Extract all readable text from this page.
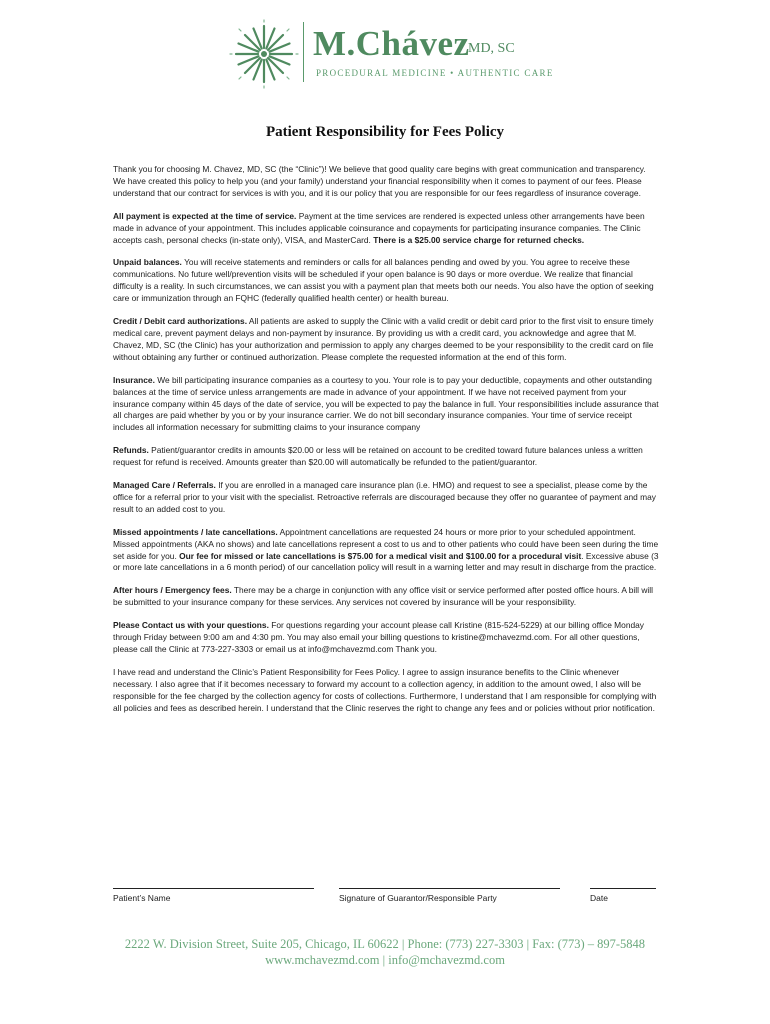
M.Chávez
MD, SC
PROCEDURAL MEDICINE • AUTHENTIC CARE
Patient Responsibility for Fees Policy

Thank you for choosing M. Chavez, MD, SC (the “Clinic”)! We believe that good quality care begins with great communication and transparency. We have created this policy to help you (and your family) understand your financial responsibility when it comes to payment of our fees. Please understand that our contract for services is with you, and it is our policy that you are responsible for our fees regardless of insurance coverage.

All payment is expected at the time of service. Payment at the time services are rendered is expected unless other arrangements have been made in advance of your appointment. This includes applicable coinsurance and copayments for participating insurance companies. The Clinic accepts cash, personal checks (in-state only), VISA, and MasterCard. There is a $25.00 service charge for returned checks.

Unpaid balances. You will receive statements and reminders or calls for all balances pending and owed by you. You agree to receive these communications. No future well/prevention visits will be scheduled if your open balance is 90 days or more overdue. We realize that financial difficulty is a reality. In such circumstances, we can assist you with a payment plan that meets both our needs. You also have the option of seeking care or immunization through an FQHC (federally qualified health center) or health bureau.

Credit / Debit card authorizations. All patients are asked to supply the Clinic with a valid credit or debit card prior to the first visit to ensure timely medical care, prevent payment delays and non-payment by insurance. By providing us with a credit card, you acknowledge and agree that M. Chavez, MD, SC (the Clinic) has your authorization and permission to apply any charges deemed to be your responsibility to the credit card on file without obtaining any further or continued authorization. Please complete the requested information at the end of this form.

Insurance. We bill participating insurance companies as a courtesy to you. Your role is to pay your deductible, copayments and other outstanding balances at the time of service unless arrangements are made in advance of your appointment. If we have not received payment from your insurance company within 45 days of the date of service, you will be expected to pay the balance in full. Your responsibilities include assurance that all charges are paid whether by you or by your insurance carrier. We do not bill secondary insurance companies. Your time of service receipt includes all information necessary for submitting claims to your insurance company

Refunds. Patient/guarantor credits in amounts $20.00 or less will be retained on account to be credited toward future balances unless a written request for refund is received. Amounts greater than $20.00 will automatically be refunded to the patient/guarantor.

Managed Care / Referrals. If you are enrolled in a managed care insurance plan (i.e. HMO) and request to see a specialist, please come by the office for a referral prior to your visit with the specialist. Retroactive referrals are discouraged because they offer no guarantee of payment and may result to an added cost to you.

Missed appointments / late cancellations. Appointment cancellations are requested 24 hours or more prior to your scheduled appointment. Missed appointments (AKA no shows) and late cancellations represent a cost to us and to other patients who could have been seen during the time set aside for you. Our fee for missed or late cancellations is $75.00 for a medical visit and $100.00 for a procedural visit. Excessive abuse (3 or more late cancellations in a 6 month period) of our cancellation policy will result in a warning letter and may result in discharge from the practice.

After hours / Emergency fees. There may be a charge in conjunction with any office visit or service performed after posted office hours. A bill will be submitted to your insurance company for these services. Any services not covered by insurance will be your responsibility.

Please Contact us with your questions. For questions regarding your account please call Kristine (815-524-5229) at our billing office Monday through Friday between 9:00 am and 4:30 pm. You may also email your billing questions to kristine@mchavezmd.com. For all other questions, please call the Clinic at 773-227-3303 or email us at info@mchavezmd.com Thank you.

I have read and understand the Clinic’s Patient Responsibility for Fees Policy. I agree to assign insurance benefits to the Clinic whenever necessary. I also agree that if it becomes necessary to forward my account to a collection agency, in addition to the amount owed, I also will be responsible for the fee charged by the collection agency for costs of collections. Furthermore, I understand that I am responsible for complying with all policies and fees as described herein. I understand that the Clinic reserves the right to change any fees and or policies without prior notification.

Patient’s Name	Signature of Guarantor/Responsible Party	Date
2222 W. Division Street, Suite 205, Chicago, IL 60622 | Phone: (773) 227-3303 | Fax: (773) – 897-5848
www.mchavezmd.com | info@mchavezmd.com
